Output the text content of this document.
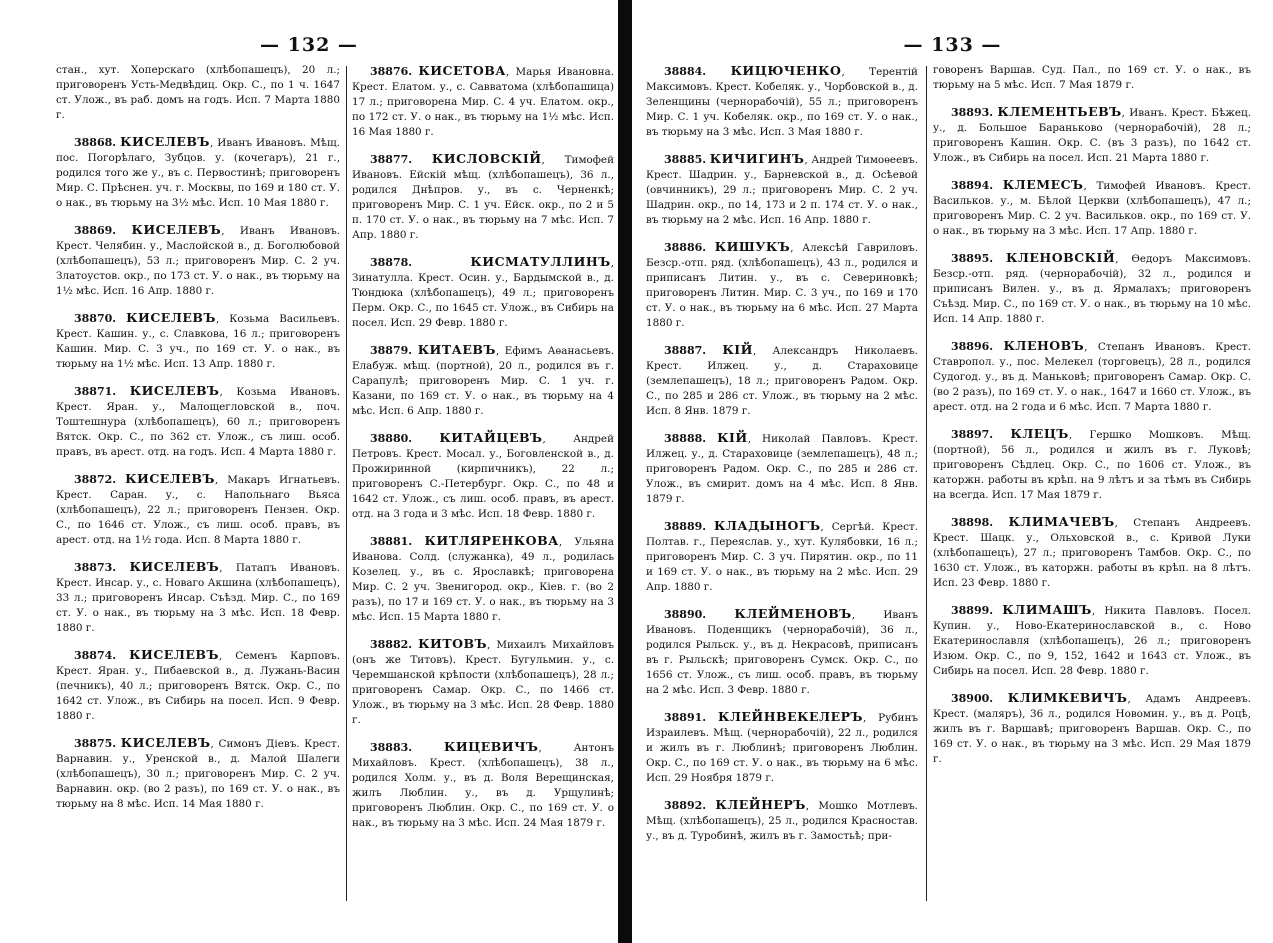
— 132 —

стан., хут. Хоперскаго (хлѣбопашецъ), 20 л.; приговоренъ Усть-Медвѣдиц. Окр. С., по 1 ч. 1647 ст. Улож., въ раб. домъ на годъ. Исп. 7 Марта 1880 г.

38868. КИСЕЛЕВЪ, Иванъ Ивановъ. Мѣщ. пос. Погорѣлаго, Зубцов. у. (кочегаръ), 21 г., родился того же у., въ с. Первостинѣ; приговоренъ Мир. С. Прѣснен. уч. г. Москвы, по 169 и 180 ст. У. о нак., въ тюрьму на 3½ мѣс. Исп. 10 Мая 1880 г.

38869. КИСЕЛЕВЪ, Иванъ Ивановъ. Крест. Челябин. у., Маслойской в., д. Боголюбовой (хлѣбопашецъ), 53 л.; приговоренъ Мир. С. 2 уч. Златоустов. окр., по 173 ст. У. о нак., въ тюрьму на 1½ мѣс. Исп. 16 Апр. 1880 г.

38870. КИСЕЛЕВЪ, Козьма Васильевъ. Крест. Кашин. у., с. Славкова, 16 л.; приговоренъ Кашин. Мир. С. 3 уч., по 169 ст. У. о нак., въ тюрьму на 1½ мѣс. Исп. 13 Апр. 1880 г.

38871. КИСЕЛЕВЪ, Козьма Ивановъ. Крест. Яран. у., Малощегловской в., поч. Тоштешнура (хлѣбопашецъ), 60 л.; приговоренъ Вятск. Окр. С., по 362 ст. Улож., съ лиш. особ. правъ, въ арест. отд. на годъ. Исп. 4 Марта 1880 г.

38872. КИСЕЛЕВЪ, Макаръ Игнатьевъ. Крест. Саран. у., с. Напольнаго Вьяса (хлѣбопашецъ), 22 л.; приговоренъ Пензен. Окр. С., по 1646 ст. Улож., съ лиш. особ. правъ, въ арест. отд. на 1½ года. Исп. 8 Марта 1880 г.

38873. КИСЕЛЕВЪ, Патапъ Ивановъ. Крест. Инсар. у., с. Новаго Акшина (хлѣбопашецъ), 33 л.; приговоренъ Инсар. Съѣзд. Мир. С., по 169 ст. У. о нак., въ тюрьму на 3 мѣс. Исп. 18 Февр. 1880 г.

38874. КИСЕЛЕВЪ, Семенъ Карповъ. Крест. Яран. у., Пибаевской в., д. Лужань-Васин (печникъ), 40 л.; приговоренъ Вятск. Окр. С., по 1642 ст. Улож., въ Сибирь на посел. Исп. 9 Февр. 1880 г.

38875. КИСЕЛЕВЪ, Симонъ Діевъ. Крест. Варнавин. у., Уренской в., д. Малой Шалеги (хлѣбопашецъ), 30 л.; приговоренъ Мир. С. 2 уч. Варнавин. окр. (во 2 разъ), по 169 ст. У. о нак., въ тюрьму на 8 мѣс. Исп. 14 Мая 1880 г.

38876. КИСЕТОВА, Марья Ивановна. Крест. Елатом. у., с. Савватома (хлѣбопашица) 17 л.; приговорена Мир. С. 4 уч. Елатом. окр., по 172 ст. У. о нак., въ тюрьму на 1½ мѣс. Исп. 16 Мая 1880 г.

38877. КИСЛОВСКІЙ, Тимофей Ивановъ. Ейскій мѣщ. (хлѣбопашецъ), 36 л., родился Днѣпров. у., въ с. Черненкѣ; приговоренъ Мир. С. 1 уч. Ейск. окр., по 2 и 5 п. 170 ст. У. о нак., въ тюрьму на 7 мѣс. Исп. 7 Апр. 1880 г.

38878.	КИСМАТУЛЛИНЪ, Зинатулла. Крест. Осин. у., Бардымской в., д. Тюндюка (хлѣбопашецъ), 49 л.; приговоренъ Перм. Окр. С., по 1645 ст. Улож., въ Сибирь на посел. Исп. 29 Февр. 1880 г.

38879. КИТАЕВЪ, Ефимъ Аѳанасьевъ. Елабуж. мѣщ. (портной), 20 л., родился въ г. Сарапулѣ; приговоренъ Мир. С. 1 уч. г. Казани, по 169 ст. У. о нак., въ тюрьму на 4 мѣс. Исп. 6 Апр. 1880 г.

38880. КИТАЙЦЕВЪ, Андрей Петровъ. Крест. Мосал. у., Боговленской в., д. Прожиринной (кирпичникъ), 22 л.; приговоренъ С.-Петербург. Окр. С., по 48 и 1642 ст. Улож., съ лиш. особ. правъ, въ арест. отд. на 3 года и 3 мѣс. Исп. 18 Февр. 1880 г.

38881. КИТЛЯРЕНКОВА, Ульяна Иванова. Солд. (служанка), 49 л., родилась Козелец. у., въ с. Ярославкѣ; приговорена Мир. С. 2 уч. Звенигород. окр., Кіев. г. (во 2 разъ), по 17 и 169 ст. У. о нак., въ тюрьму на 3 мѣс. Исп. 15 Марта 1880 г.

38882. КИТОВЪ, Михаилъ Михайловъ (онъ же Титовъ). Крест. Бугульмин. у., с. Черемшанской крѣпости (хлѣбопашецъ), 28 л.; приговоренъ Самар. Окр. С., по 1466 ст. Улож., въ тюрьму на 3 мѣс. Исп. 28 Февр. 1880 г.

38883.	КИЦЕВИЧЪ, Антонъ Михайловъ. Крест. (хлѣбопашецъ), 38 л., родился Холм. у., въ д. Воля Верещинская, жилъ Люблин. у., въ д. Урщулинѣ; приговоренъ Люблин. Окр. С., по 169 ст. У. о нак., въ тюрьму на 3 мѣс. Исп. 24 Мая 1879 г.

— 133 —

38884. КИЦЮЧЕНКО, Терентій Максимовъ. Крест. Кобеляк. у., Чорбовской в., д. Зеленщины (чернорабочій), 55 л.; приговоренъ Мир. С. 1 уч. Кобеляк. окр., по 169 ст. У. о нак., въ тюрьму на 3 мѣс. Исп. 3 Мая 1880 г.

38885. КИЧИГИНЪ, Андрей Тимоѳеевъ. Крест. Шадрин. у., Барневской в., д. Осѣевой (овчинникъ), 29 л.; приговоренъ Мир. С. 2 уч. Шадрин. окр., по 14, 173 и 2 п. 174 ст. У. о нак., въ тюрьму на 2 мѣс. Исп. 16 Апр. 1880 г.

38886. КИШУКЪ, Алексѣй Гавриловъ. Безср.-отп. ряд. (хлѣбопашецъ), 43 л., родился и приписанъ Литин. у., въ с. Севериновкѣ; приговоренъ Литин. Мир. С. 3 уч., по 169 и 170 ст. У. о нак., въ тюрьму на 6 мѣс. Исп. 27 Марта 1880 г.

38887. КІЙ, Александръ Николаевъ. Крест. Илжец. у., д. Стараховице (землепашецъ), 18 л.; приговоренъ Радом. Окр. С., по 285 и 286 ст. Улож., въ тюрьму на 2 мѣс. Исп. 8 Янв. 1879 г.

38888. КІЙ, Николай Павловъ. Крест. Илжец. у., д. Стараховице (землепашецъ), 48 л.; приговоренъ Радом. Окр. С., по 285 и 286 ст. Улож., въ смирит. домъ на 4 мѣс. Исп. 8 Янв. 1879 г.

38889. КЛАДЫНОГЪ, Сергѣй. Крест. Полтав. г., Переяслав. у., хут. Кулябовки, 16 л.; приговоренъ Мир. С. 3 уч. Пирятин. окр., по 11 и 169 ст. У. о нак., въ тюрьму на 2 мѣс. Исп. 29 Апр. 1880 г.

38890. КЛЕЙМЕНОВЪ, Иванъ Ивановъ. Поденщикъ (чернорабочій), 36 л., родился Рыльск. у., въ д. Некрасовѣ, приписанъ въ г. Рыльскѣ; приговоренъ Сумск. Окр. С., по 1656 ст. Улож., съ лиш. особ. правъ, въ тюрьму на 2 мѣс. Исп. 3 Февр. 1880 г.

38891. КЛЕЙНВЕКЕЛЕРЪ, Рубинъ Израилевъ. Мѣщ. (чернорабочій), 22 л., родился и жилъ въ г. Люблинѣ; приговоренъ Люблин. Окр. С., по 169 ст. У. о нак., въ тюрьму на 6 мѣс. Исп. 29 Ноября 1879 г.

38892. КЛЕЙНЕРЪ, Мошко Мотлевъ. Мѣщ. (хлѣбопашецъ), 25 л., родился Красностав. у., въ д. Туробинѣ, жилъ въ г. Замостьѣ; при-

говоренъ Варшав. Суд. Пал., по 169 ст. У. о нак., въ тюрьму на 5 мѣс. Исп. 7 Мая 1879 г.

38893. КЛЕМЕНТЬЕВЪ, Иванъ. Крест. Бѣжец. у., д. Большое Бараньково (чернорабочій), 28 л.; приговоренъ Кашин. Окр. С. (въ 3 разъ), по 1642 ст. Улож., въ Сибирь на посел. Исп. 21 Марта 1880 г.

38894. КЛЕМЕСЪ, Тимофей Ивановъ. Крест. Васильков. у., м. Бѣлой Церкви (хлѣбопашецъ), 47 л.; приговоренъ Мир. С. 2 уч. Васильков. окр., по 169 ст. У. о нак., въ тюрьму на 3 мѣс. Исп. 17 Апр. 1880 г.

38895. КЛЕНОВСКІЙ, Ѳедоръ Максимовъ. Безср.-отп. ряд. (чернорабочій), 32 л., родился и приписанъ Вилен. у., въ д. Ярмалахъ; приговоренъ Съѣзд. Мир. С., по 169 ст. У. о нак., въ тюрьму на 10 мѣс. Исп. 14 Апр. 1880 г.

38896. КЛЕНОВЪ, Степанъ Ивановъ. Крест. Ставропол. у., пос. Мелекел (торговецъ), 28 л., родился Судогод. у., въ д. Маньковѣ; приговоренъ Самар. Окр. С. (во 2 разъ), по 169 ст. У. о нак., 1647 и 1660 ст. Улож., въ арест. отд. на 2 года и 6 мѣс. Исп. 7 Марта 1880 г.

38897. КЛЕЦЪ, Гершко Мошковъ. Мѣщ. (портной), 56 л., родился и жилъ въ г. Луковѣ; приговоренъ Сѣдлец. Окр. С., по 1606 ст. Улож., въ каторжн. работы въ крѣп. на 9 лѣтъ и за тѣмъ въ Сибирь на всегда. Исп. 17 Мая 1879 г.

38898. КЛИМАЧЕВЪ, Степанъ Андреевъ. Крест. Шацк. у., Ольховской в., с. Кривой Луки (хлѣбопашецъ), 27 л.; приговоренъ Тамбов. Окр. С., по 1630 ст. Улож., въ каторжн. работы въ крѣп. на 8 лѣтъ. Исп. 23 Февр. 1880 г.

38899. КЛИМАШЪ, Никита Павловъ. Посел. Купин. у., Ново-Екатеринославской в., с. Ново Екатеринославля (хлѣбопашецъ), 26 л.; приговоренъ Изюм. Окр. С., по 9, 152, 1642 и 1643 ст. Улож., въ Сибирь на посел. Исп. 28 Февр. 1880 г.

38900. КЛИМКЕВИЧЪ, Адамъ Андреевъ. Крест. (маляръ), 36 л., родился Новомин. у., въ д. Роцѣ, жилъ въ г. Варшавѣ; приговоренъ Варшав. Окр. С., по 169 ст. У. о нак., въ тюрьму на 3 мѣс. Исп. 29 Мая 1879 г.
